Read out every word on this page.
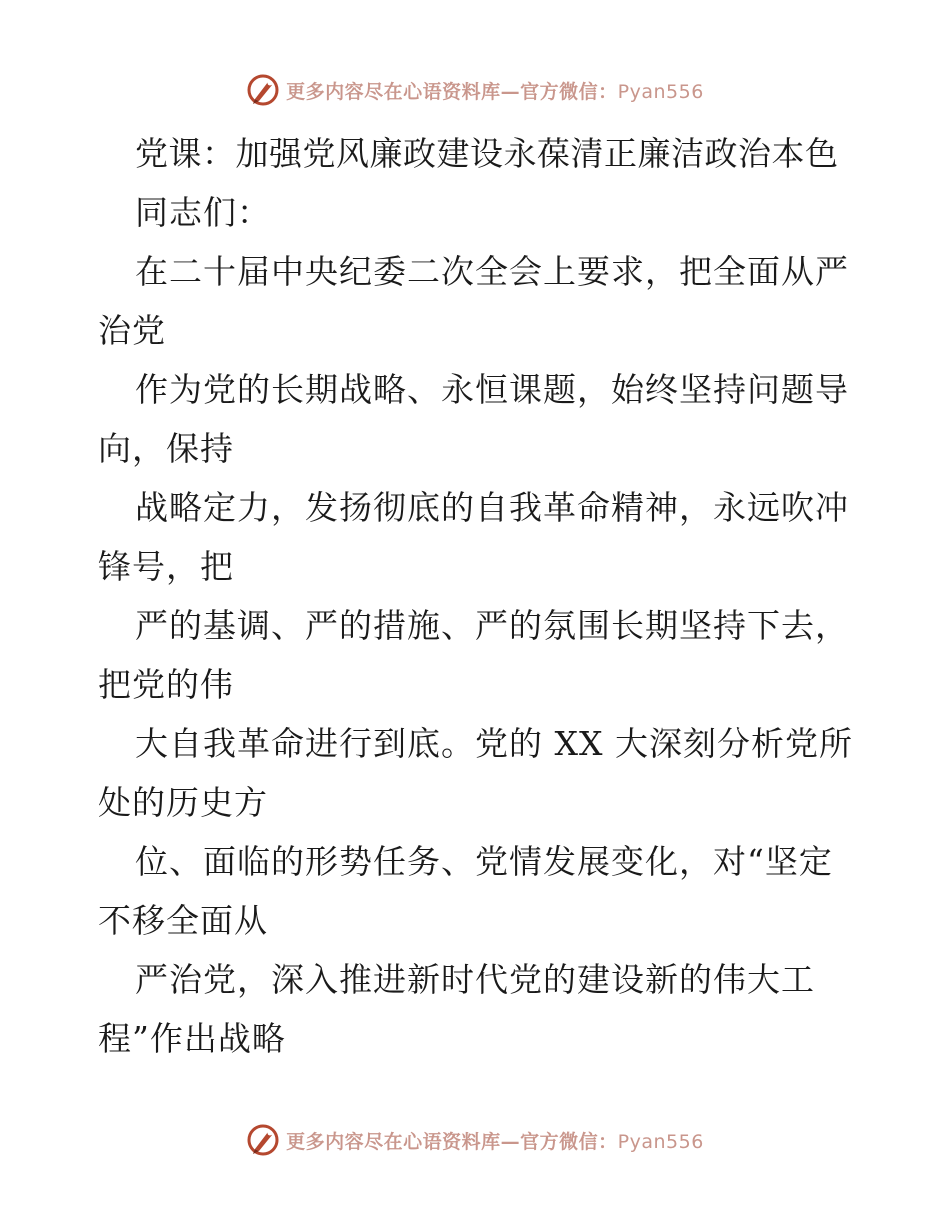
更多内容尽在心语资料库—官方微信：Pyan556
党课：加强党风廉政建设永葆清正廉洁政治本色
同志们：
在二十届中央纪委二次全会上要求，把全面从严
治党
作为党的长期战略、永恒课题，始终坚持问题导
向，保持
战略定力，发扬彻底的自我革命精神，永远吹冲
锋号，把
严的基调、严的措施、严的氛围长期坚持下去，
把党的伟
大自我革命进行到底。党的 XX 大深刻分析党所
处的历史方
位、面临的形势任务、党情发展变化，对“坚定
不移全面从
严治党，深入推进新时代党的建设新的伟大工
程”作出战略
更多内容尽在心语资料库—官方微信：Pyan556
